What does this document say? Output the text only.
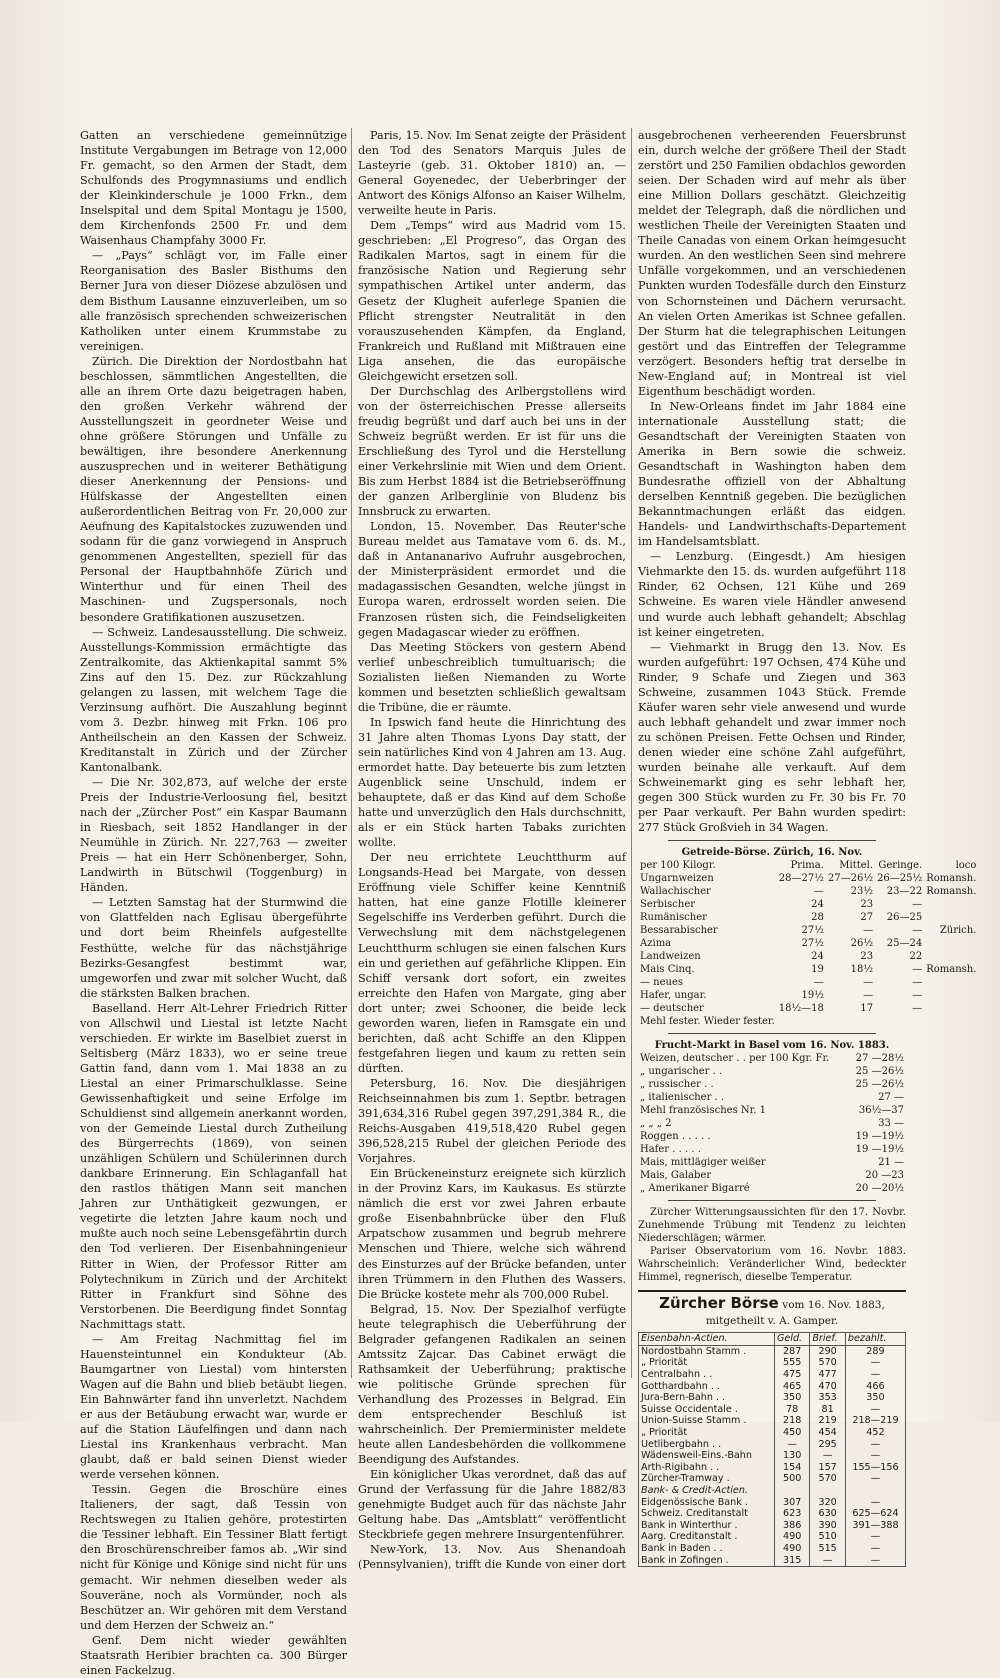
Gatten an verschiedene gemeinnützige Institute Vergabungen im Betrage von 12,000 Fr. gemacht, so den Armen der Stadt, dem Schulfonds des Progymnasiums und endlich der Kleinkinderschule je 1000 Frkn., dem Inselspital und dem Spital Montagu je 1500, dem Kirchenfonds 2500 Fr. und dem Waisenhaus Champfahy 3000 Fr.

— „Pays“ schlägt vor, im Falle einer Reorganisation des Basler Bisthums den Berner Jura von dieser Diözese abzulösen und dem Bisthum Lausanne einzuverleiben, um so alle französisch sprechenden schweizerischen Katholiken unter einem Krummstabe zu vereinigen.

Zürich. Die Direktion der Nordostbahn hat beschlossen, sämmtlichen Angestellten, die alle an ihrem Orte dazu beigetragen haben, den großen Verkehr während der Ausstellungszeit in geordneter Weise und ohne größere Störungen und Unfälle zu bewältigen, ihre besondere Anerkennung auszusprechen und in weiterer Bethätigung dieser Anerkennung der Pensions- und Hülfskasse der Angestellten einen außerordentlichen Beitrag von Fr. 20,000 zur Aeufnung des Kapitalstockes zuzuwenden und sodann für die ganz vorwiegend in Anspruch genommenen Angestellten, speziell für das Personal der Hauptbahnhöfe Zürich und Winterthur und für einen Theil des Maschinen- und Zugspersonals, noch besondere Gratifikationen auszusetzen.

— Schweiz. Landesausstellung. Die schweiz. Ausstellungs-Kommission ermächtigte das Zentralkomite, das Aktienkapital sammt 5% Zins auf den 15. Dez. zur Rückzahlung gelangen zu lassen, mit welchem Tage die Verzinsung aufhört. Die Auszahlung beginnt vom 3. Dezbr. hinweg mit Frkn. 106 pro Antheilschein an den Kassen der Schweiz. Kreditanstalt in Zürich und der Zürcher Kantonalbank.

— Die Nr. 302,873, auf welche der erste Preis der Industrie-Verloosung fiel, besitzt nach der „Zürcher Post“ ein Kaspar Baumann in Riesbach, seit 1852 Handlanger in der Neumühle in Zürich. Nr. 227,763 — zweiter Preis — hat ein Herr Schönenberger, Sohn, Landwirth in Bütschwil (Toggenburg) in Händen.

— Letzten Samstag hat der Sturmwind die von Glattfelden nach Eglisau übergeführte und dort beim Rheinfels aufgestellte Festhütte, welche für das nächstjährige Bezirks-Gesangfest bestimmt war, umgeworfen und zwar mit solcher Wucht, daß die stärksten Balken brachen.

Baselland. Herr Alt-Lehrer Friedrich Ritter von Allschwil und Liestal ist letzte Nacht verschieden. Er wirkte im Baselbiet zuerst in Seltisberg (März 1833), wo er seine treue Gattin fand, dann vom 1. Mai 1838 an zu Liestal an einer Primarschulklasse. Seine Gewissenhaftigkeit und seine Erfolge im Schuldienst sind allgemein anerkannt worden, von der Gemeinde Liestal durch Zutheilung des Bürgerrechts (1869), von seinen unzähligen Schülern und Schülerinnen durch dankbare Erinnerung. Ein Schlaganfall hat den rastlos thätigen Mann seit manchen Jahren zur Unthätigkeit gezwungen, er vegetirte die letzten Jahre kaum noch und mußte auch noch seine Lebensgefährtin durch den Tod verlieren. Der Eisenbahningenieur Ritter in Wien, der Professor Ritter am Polytechnikum in Zürich und der Architekt Ritter in Frankfurt sind Söhne des Verstorbenen. Die Beerdigung findet Sonntag Nachmittags statt.

— Am Freitag Nachmittag fiel im Hauensteintunnel ein Kondukteur (Ab. Baumgartner von Liestal) vom hintersten Wagen auf die Bahn und blieb betäubt liegen. Ein Bahnwärter fand ihn unverletzt. Nachdem er aus der Betäubung erwacht war, wurde er auf die Station Läufelfingen und dann nach Liestal ins Krankenhaus verbracht. Man glaubt, daß er bald seinen Dienst wieder werde versehen können.

Tessin. Gegen die Broschüre eines Italieners, der sagt, daß Tessin von Rechtswegen zu Italien gehöre, protestirten die Tessiner lebhaft. Ein Tessiner Blatt fertigt den Broschürenschreiber famos ab. „Wir sind nicht für Könige und Könige sind nicht für uns gemacht. Wir nehmen dieselben weder als Souveräne, noch als Vormünder, noch als Beschützer an. Wir gehören mit dem Verstand und dem Herzen der Schweiz an.“

Genf. Dem nicht wieder gewählten Staatsrath Heribier brachten ca. 300 Bürger einen Fackelzug.

Paris, 15. Nov. Im Senat zeigte der Präsident den Tod des Senators Marquis Jules de Lasteyrie (geb. 31. Oktober 1810) an. — General Goyenedec, der Ueberbringer der Antwort des Königs Alfonso an Kaiser Wilhelm, verweilte heute in Paris.

Dem „Temps“ wird aus Madrid vom 15. geschrieben: „El Progreso“, das Organ des Radikalen Martos, sagt in einem für die französische Nation und Regierung sehr sympathischen Artikel unter anderm, das Gesetz der Klugheit auferlege Spanien die Pflicht strengster Neutralität in den vorauszusehenden Kämpfen, da England, Frankreich und Rußland mit Mißtrauen eine Liga ansehen, die das europäische Gleichgewicht ersetzen soll.

Der Durchschlag des Arlbergstollens wird von der österreichischen Presse allerseits freudig begrüßt und darf auch bei uns in der Schweiz begrüßt werden. Er ist für uns die Erschließung des Tyrol und die Herstellung einer Verkehrslinie mit Wien und dem Orient. Bis zum Herbst 1884 ist die Betriebseröffnung der ganzen Arlberglinie von Bludenz bis Innsbruck zu erwarten.

London, 15. November. Das Reuter'sche Bureau meldet aus Tamatave vom 6. ds. M., daß in Antananarivo Aufruhr ausgebrochen, der Ministerpräsident ermordet und die madagassischen Gesandten, welche jüngst in Europa waren, erdrosselt worden seien. Die Franzosen rüsten sich, die Feindseligkeiten gegen Madagascar wieder zu eröffnen.

Das Meeting Stöckers von gestern Abend verlief unbeschreiblich tumultuarisch; die Sozialisten ließen Niemanden zu Worte kommen und besetzten schließlich gewaltsam die Tribüne, die er räumte.

In Ipswich fand heute die Hinrichtung des 31 Jahre alten Thomas Lyons Day statt, der sein natürliches Kind von 4 Jahren am 13. Aug. ermordet hatte. Day beteuerte bis zum letzten Augenblick seine Unschuld, indem er behauptete, daß er das Kind auf dem Schoße hatte und unverzüglich den Hals durchschnitt, als er ein Stück harten Tabaks zurichten wollte.

Der neu errichtete Leuchtthurm auf Longsands-Head bei Margate, von dessen Eröffnung viele Schiffer keine Kenntniß hatten, hat eine ganze Flotille kleinerer Segelschiffe ins Verderben geführt. Durch die Verwechslung mit dem nächstgelegenen Leuchtthurm schlugen sie einen falschen Kurs ein und geriethen auf gefährliche Klippen. Ein Schiff versank dort sofort, ein zweites erreichte den Hafen von Margate, ging aber dort unter; zwei Schooner, die beide leck geworden waren, liefen in Ramsgate ein und berichten, daß acht Schiffe an den Klippen festgefahren liegen und kaum zu retten sein dürften.

Petersburg, 16. Nov. Die diesjährigen Reichseinnahmen bis zum 1. Septbr. betragen 391,634,316 Rubel gegen 397,291,384 R., die Reichs-Ausgaben 419,518,420 Rubel gegen 396,528,215 Rubel der gleichen Periode des Vorjahres.

Ein Brückeneinsturz ereignete sich kürzlich in der Provinz Kars, im Kaukasus. Es stürzte nämlich die erst vor zwei Jahren erbaute große Eisenbahnbrücke über den Fluß Arpatschow zusammen und begrub mehrere Menschen und Thiere, welche sich während des Einsturzes auf der Brücke befanden, unter ihren Trümmern in den Fluthen des Wassers. Die Brücke kostete mehr als 700,000 Rubel.

Belgrad, 15. Nov. Der Spezialhof verfügte heute telegraphisch die Ueberführung der Belgrader gefangenen Radikalen an seinen Amtssitz Zajcar. Das Cabinet erwägt die Rathsamkeit der Ueberführung; praktische wie politische Gründe sprechen für Verhandlung des Prozesses in Belgrad. Ein dem entsprechender Beschluß ist wahrscheinlich. Der Premierminister meldete heute allen Landesbehörden die vollkommene Beendigung des Aufstandes.

Ein königlicher Ukas verordnet, daß das auf Grund der Verfassung für die Jahre 1882/83 genehmigte Budget auch für das nächste Jahr Geltung habe. Das „Amtsblatt“ veröffentlicht Steckbriefe gegen mehrere Insurgentenführer.

New-York, 13. Nov. Aus Shenandoah (Pennsylvanien), trifft die Kunde von einer dort

ausgebrochenen verheerenden Feuersbrunst ein, durch welche der größere Theil der Stadt zerstört und 250 Familien obdachlos geworden seien. Der Schaden wird auf mehr als über eine Million Dollars geschätzt. Gleichzeitig meldet der Telegraph, daß die nördlichen und westlichen Theile der Vereinigten Staaten und Theile Canadas von einem Orkan heimgesucht wurden. An den westlichen Seen sind mehrere Unfälle vorgekommen, und an verschiedenen Punkten wurden Todesfälle durch den Einsturz von Schornsteinen und Dächern verursacht. An vielen Orten Amerikas ist Schnee gefallen. Der Sturm hat die telegraphischen Leitungen gestört und das Eintreffen der Telegramme verzögert. Besonders heftig trat derselbe in New-England auf; in Montreal ist viel Eigenthum beschädigt worden.

In New-Orleans findet im Jahr 1884 eine internationale Ausstellung statt; die Gesandtschaft der Vereinigten Staaten von Amerika in Bern sowie die schweiz. Gesandtschaft in Washington haben dem Bundesrathe offiziell von der Abhaltung derselben Kenntniß gegeben. Die bezüglichen Bekanntmachungen erläßt das eidgen. Handels- und Landwirthschafts-Departement im Handelsamtsblatt.

— Lenzburg. (Eingesdt.) Am hiesigen Viehmarkte den 15. ds. wurden aufgeführt 118 Rinder, 62 Ochsen, 121 Kühe und 269 Schweine. Es waren viele Händler anwesend und wurde auch lebhaft gehandelt; Abschlag ist keiner eingetreten.

— Viehmarkt in Brugg den 13. Nov. Es wurden aufgeführt: 197 Ochsen, 474 Kühe und Rinder, 9 Schafe und Ziegen und 363 Schweine, zusammen 1043 Stück. Fremde Käufer waren sehr viele anwesend und wurde auch lebhaft gehandelt und zwar immer noch zu schönen Preisen. Fette Ochsen und Rinder, denen wieder eine schöne Zahl aufgeführt, wurden beinahe alle verkauft. Auf dem Schweinemarkt ging es sehr lebhaft her, gegen 300 Stück wurden zu Fr. 30 bis Fr. 70 per Paar verkauft. Per Bahn wurden spedirt: 277 Stück Großvieh in 34 Wagen.

Getreide-Börse. Zürich, 16. Nov.
per 100 Kilogr.	Prima.	Mittel.	Geringe.	loco
Ungarnweizen	28—27½	27—26½	26—25½	Romansh.
Wallachischer	—	23½	23—22	Romansh.
Serbischer	24	23	—	
Rumänischer	28	27	26—25	
Bessarabischer	27½	—	—	Zürich.
Azima	27½	26½	25—24	
Landweizen	24	23	22	
Mais Cinq.	19	18½	—	Romansh.
— neues	—	—	—	
Hafer, ungar.	19½	—	—	
— deutscher	18½—18	17	—	
Mehl fester. Wieder fester.				
Frucht-Markt in Basel vom 16. Nov. 1883.
Weizen, deutscher . . per 100 Kgr. Fr.	27 —28½
„ ungarischer . .	25 —26½
„ russischer . .	25 —26½
„ italienischer . .	27 —
Mehl französisches Nr. 1	36½—37
„ „ „ 2	33 —
Roggen . . . . .	19 —19½
Hafer . . . . .	19 —19½
Mais, mittlägiger weißer	21 —
Mais, Galaber	20 —23
„ Amerikaner Bigarré	20 —20½
Zürcher Witterungsaussichten für den 17. Novbr. Zunehmende Trübung mit Tendenz zu leichten Niederschlägen; wärmer.
Pariser Observatorium vom 16. Novbr. 1883. Wahrscheinlich: Veränderlicher Wind, bedeckter Himmel, regnerisch, dieselbe Temperatur.
Zürcher Börse vom 16. Nov. 1883,
mitgetheilt v. A. Gamper.
Eisenbahn-Actien.	Geld.	Brief.	bezahlt.
Nordostbahn Stamm .	287	290	289
„ Priorität	555	570	—
Centralbahn . .	475	477	—
Gotthardbahn . .	465	470	466
Jura-Bern-Bahn . .	350	353	350
Suisse Occidentale .	78	81	—
Union-Suisse Stamm .	218	219	218—219
„ Priorität	450	454	452
Uetlibergbahn . .	—	295	—
Wädensweil-Eins.-Bahn	130	—	—
Arth-Rigibahn . .	154	157	155—156
Zürcher-Tramway .	500	570	—
Bank- & Credit-Actien.			
Eidgenössische Bank .	307	320	—
Schweiz. Creditanstalt	623	630	625—624
Bank in Winterthur .	386	390	391—388
Aarg. Creditanstalt .	490	510	—
Bank in Baden . .	490	515	—
Bank in Zofingen .	315	—	—
